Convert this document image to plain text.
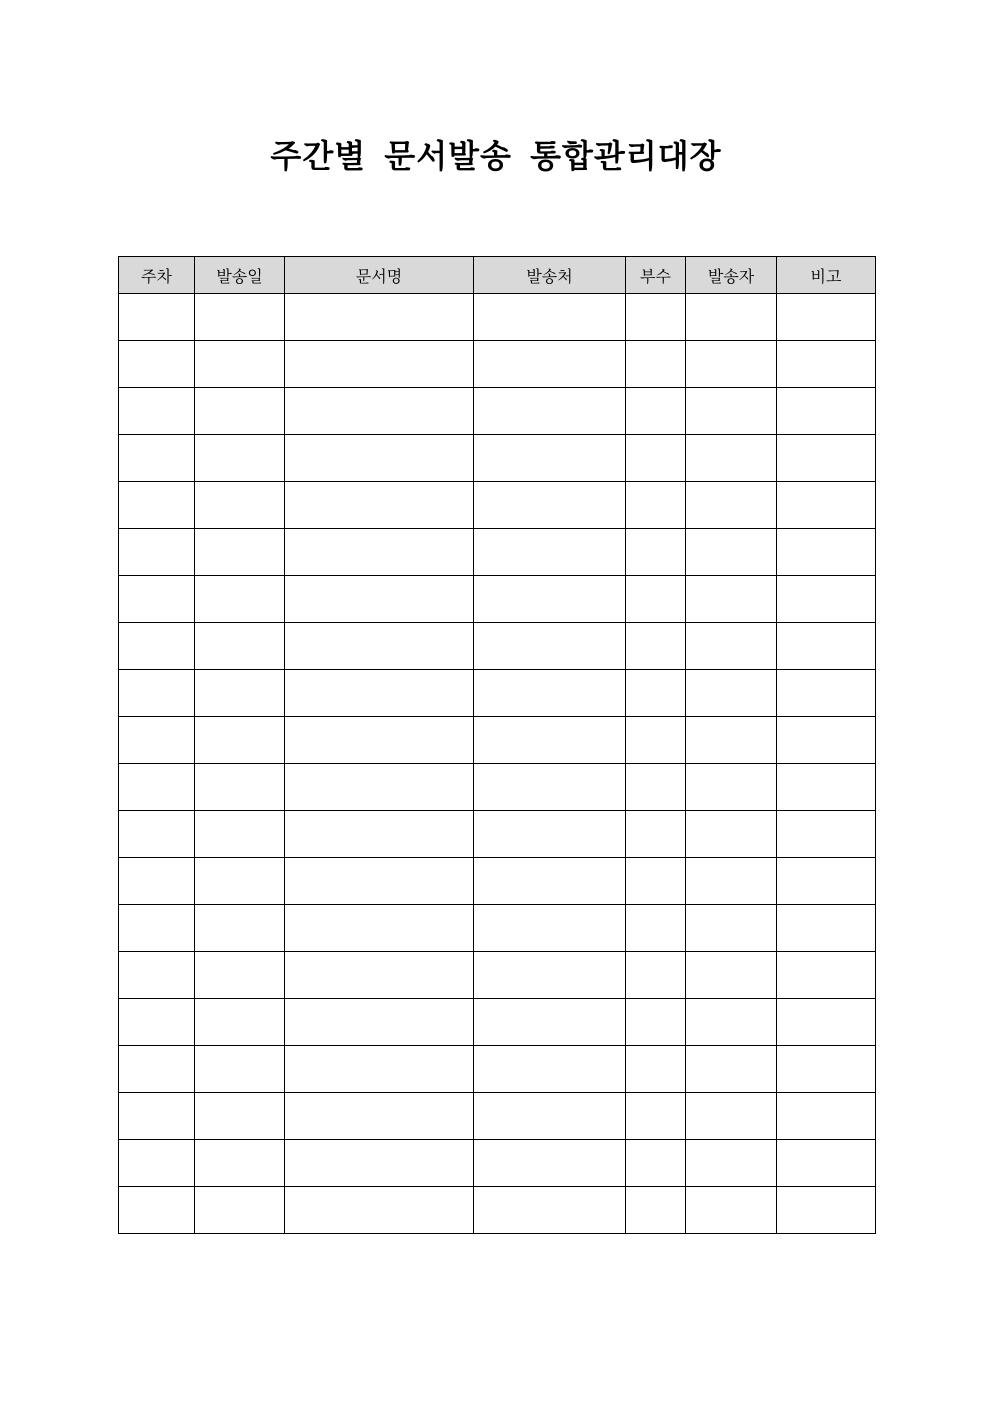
주간별 문서발송 통합관리대장
주차	발송일	문서명	발송처	부수	발송자	비고
